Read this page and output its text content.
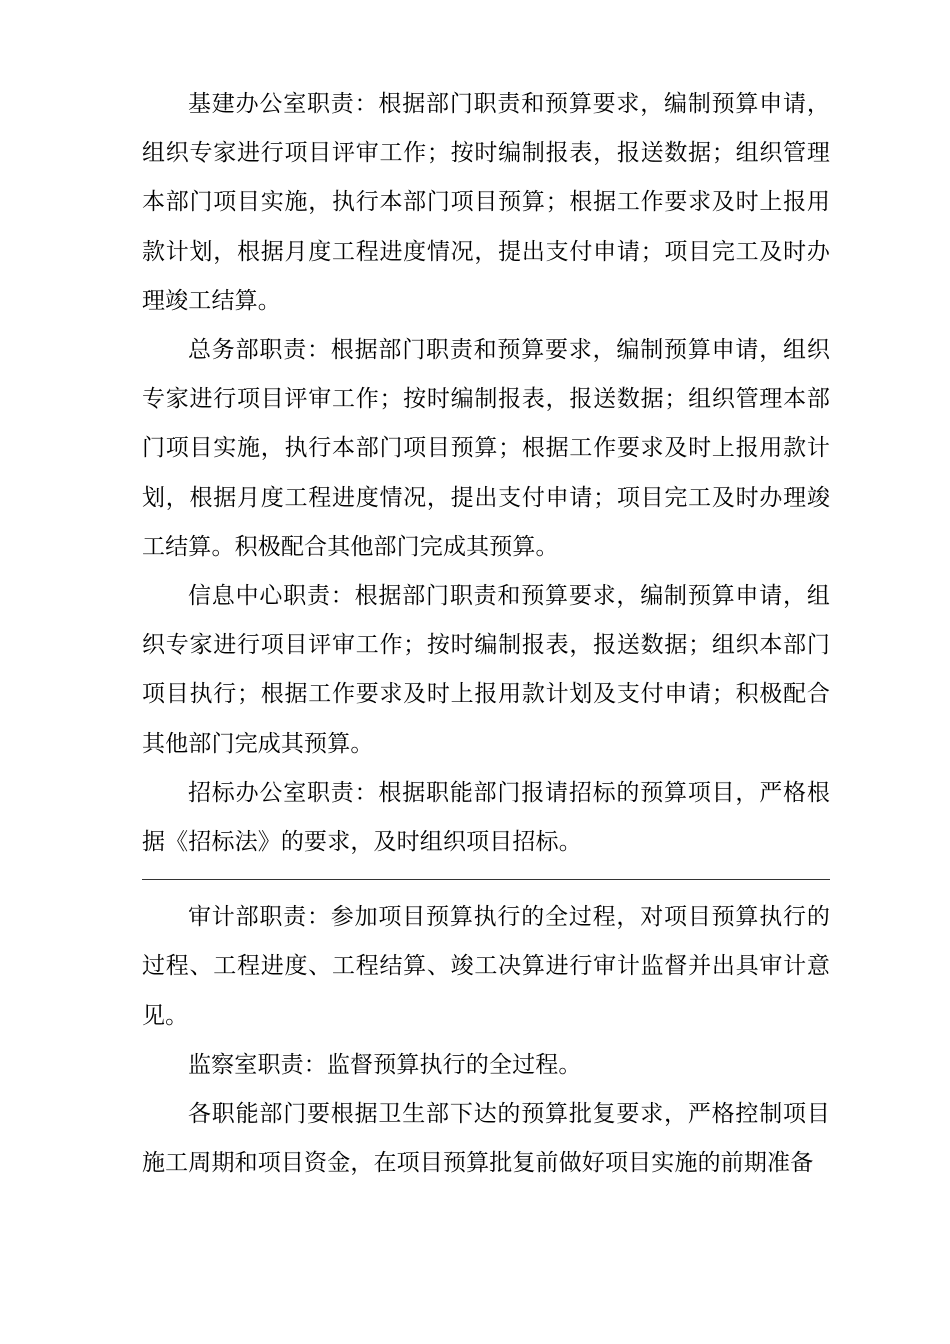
基建办公室职责：根据部门职责和预算要求，编制预算申请，组织专家进行项目评审工作；按时编制报表，报送数据；组织管理本部门项目实施，执行本部门项目预算；根据工作要求及时上报用款计划，根据月度工程进度情况，提出支付申请；项目完工及时办理竣工结算。

总务部职责：根据部门职责和预算要求，编制预算申请，组织专家进行项目评审工作；按时编制报表，报送数据；组织管理本部门项目实施，执行本部门项目预算；根据工作要求及时上报用款计划，根据月度工程进度情况，提出支付申请；项目完工及时办理竣工结算。积极配合其他部门完成其预算。

信息中心职责：根据部门职责和预算要求，编制预算申请，组织专家进行项目评审工作；按时编制报表，报送数据；组织本部门项目执行；根据工作要求及时上报用款计划及支付申请；积极配合其他部门完成其预算。

招标办公室职责：根据职能部门报请招标的预算项目，严格根据《招标法》的要求，及时组织项目招标。

审计部职责：参加项目预算执行的全过程，对项目预算执行的过程、工程进度、工程结算、竣工决算进行审计监督并出具审计意见。

监察室职责：监督预算执行的全过程。

各职能部门要根据卫生部下达的预算批复要求，严格控制项目施工周期和项目资金，在项目预算批复前做好项目实施的前期准备
